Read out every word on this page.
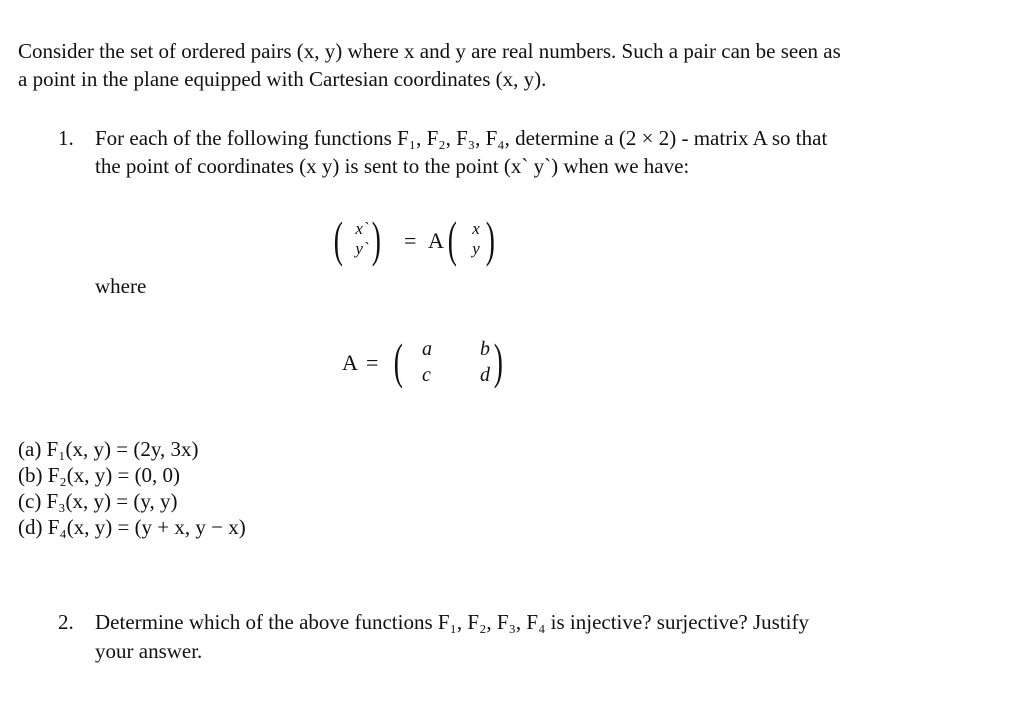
Consider the set of ordered pairs (x, y) where x and y are real numbers. Such a pair can be seen as
a point in the plane equipped with Cartesian coordinates (x, y).
1. For each of the following functions F₁, F₂, F₃, F₄, determine a (2 × 2) - matrix A so that
the point of coordinates (x y) is sent to the point (x` y`) when we have:
( x`
y` ) = A ( x
y )
where
A = ( a b
c d )
(a) F₁(x, y) = (2y, 3x)
(b) F₂(x, y) = (0, 0)
(c) F₃(x, y) = (y, y)
(d) F₄(x, y) = (y + x, y − x)
2. Determine which of the above functions F₁, F₂, F₃, F₄ is injective? surjective? Justify
your answer.
